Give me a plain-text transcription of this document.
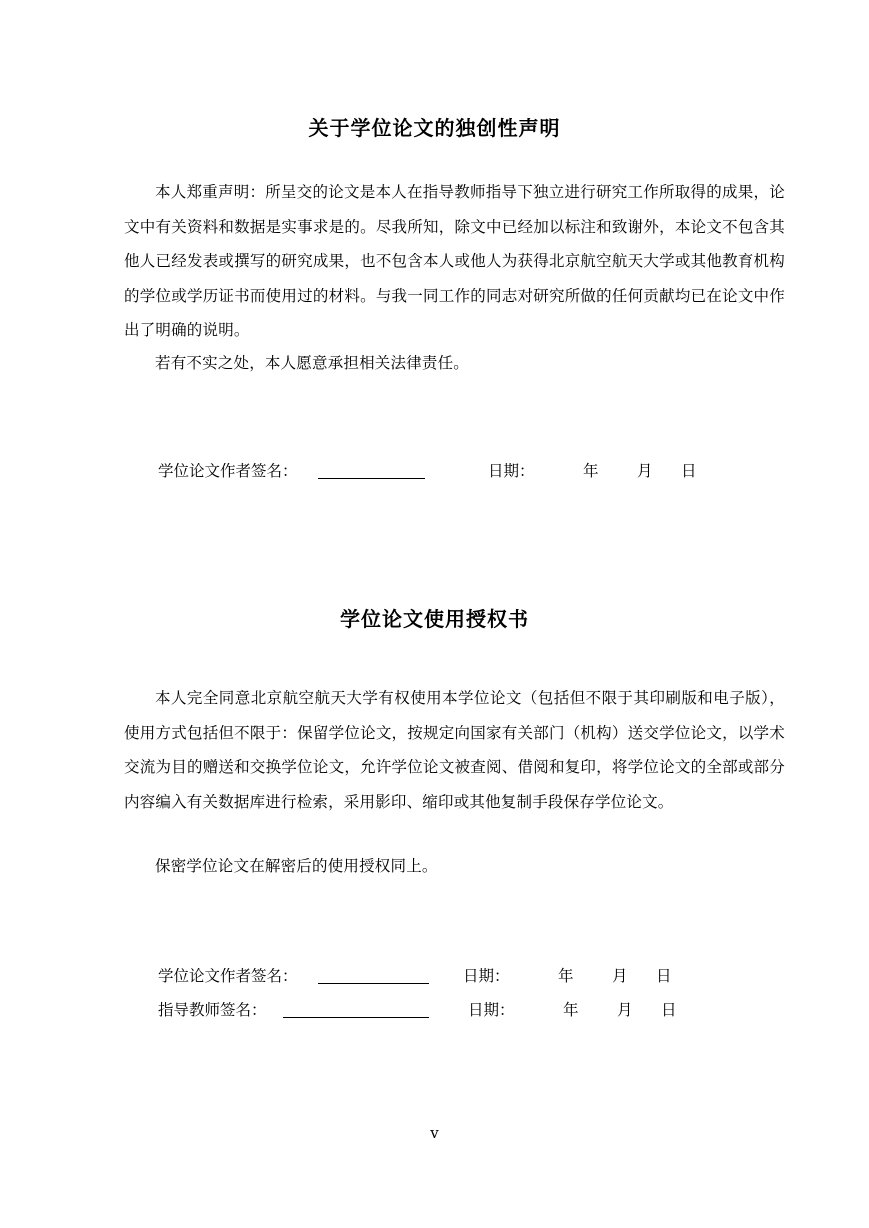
关于学位论文的独创性声明

本人郑重声明：所呈交的论文是本人在指导教师指导下独立进行研究工作所取得的成果，论文中有关资料和数据是实事求是的。尽我所知，除文中已经加以标注和致谢外，本论文不包含其他人已经发表或撰写的研究成果，也不包含本人或他人为获得北京航空航天大学或其他教育机构的学位或学历证书而使用过的材料。与我一同工作的同志对研究所做的任何贡献均已在论文中作出了明确的说明。

若有不实之处，本人愿意承担相关法律责任。

学位论文作者签名：	日期：	年 月 日
学位论文使用授权书

本人完全同意北京航空航天大学有权使用本学位论文（包括但不限于其印刷版和电子版），使用方式包括但不限于：保留学位论文，按规定向国家有关部门（机构）送交学位论文，以学术交流为目的赠送和交换学位论文，允许学位论文被查阅、借阅和复印，将学位论文的全部或部分内容编入有关数据库进行检索，采用影印、缩印或其他复制手段保存学位论文。

保密学位论文在解密后的使用授权同上。

学位论文作者签名：	日期：	年 月 日
指导教师签名：	日期：	年 月 日

v
